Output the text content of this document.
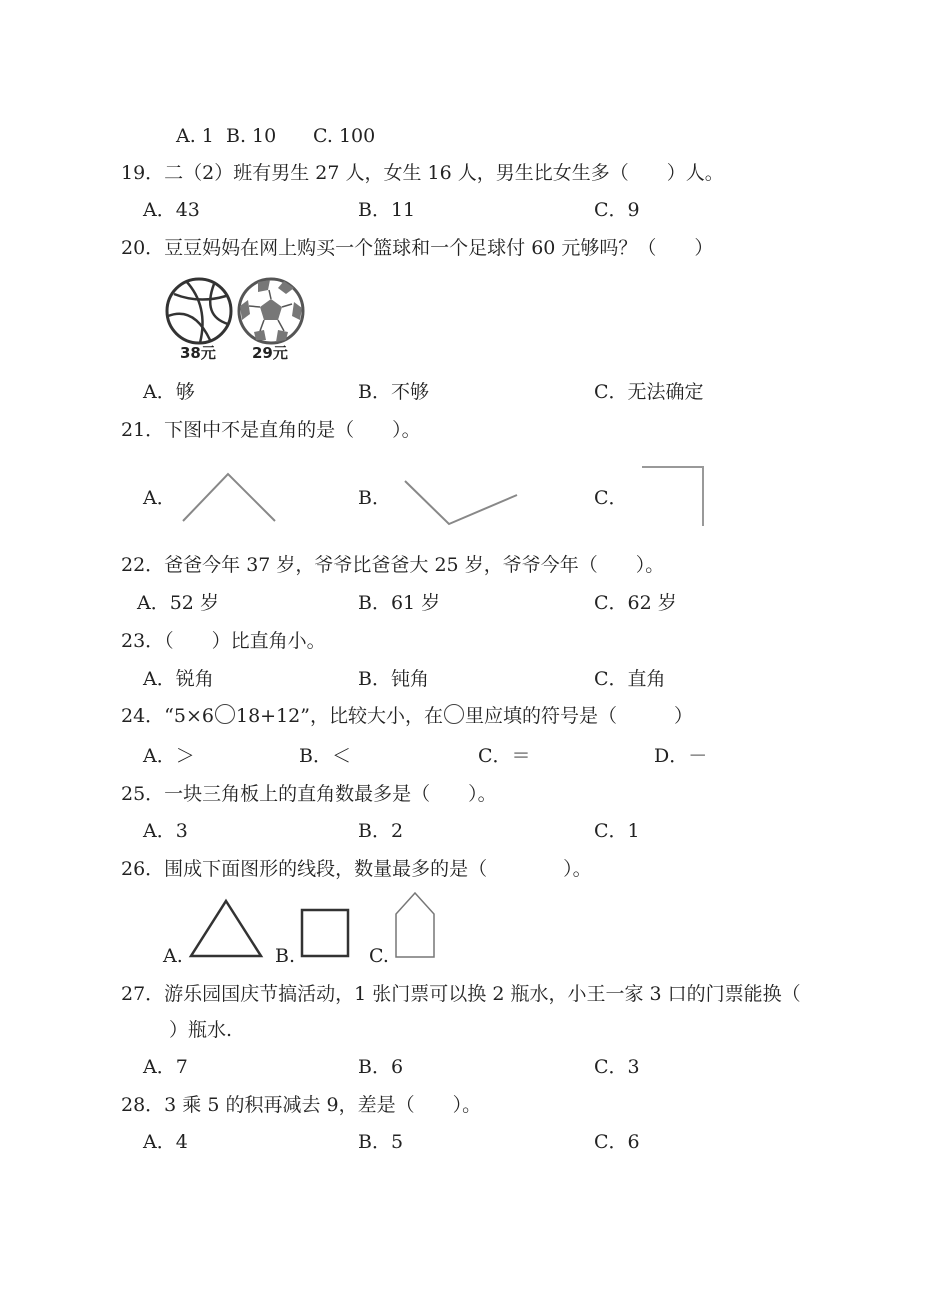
A. 1 B. 10 C. 100
19．二（2）班有男生 27 人，女生 16 人，男生比女生多（　　）人。
A．43	B．11	C．9
20．豆豆妈妈在网上购买一个篮球和一个足球付 60 元够吗？（　　）
38元 29元
A．够	B．不够	C．无法确定
21．下图中不是直角的是（　　）。
A．	B．	C．
22．爸爸今年 37 岁，爷爷比爸爸大 25 岁，爷爷今年（　　）。
A．52 岁	B．61 岁	C．62 岁
23．（　　）比直角小。
A．锐角	B．钝角	C．直角
24．“5×6 18+12”，比较大小，在 里应填的符号是（　　　）
A．＞	B．＜	C．＝	D．－
25．一块三角板上的直角数最多是（　　）。
A．3	B．2	C．1
26．围成下面图形的线段，数量最多的是（　　　　）。
A.	B.	C.
27．游乐园国庆节搞活动，1 张门票可以换 2 瓶水，小王一家 3 口的门票能换（
）瓶水.
A．7	B．6	C．3
28．3 乘 5 的积再减去 9，差是（　　）。
A．4	B．5	C．6
